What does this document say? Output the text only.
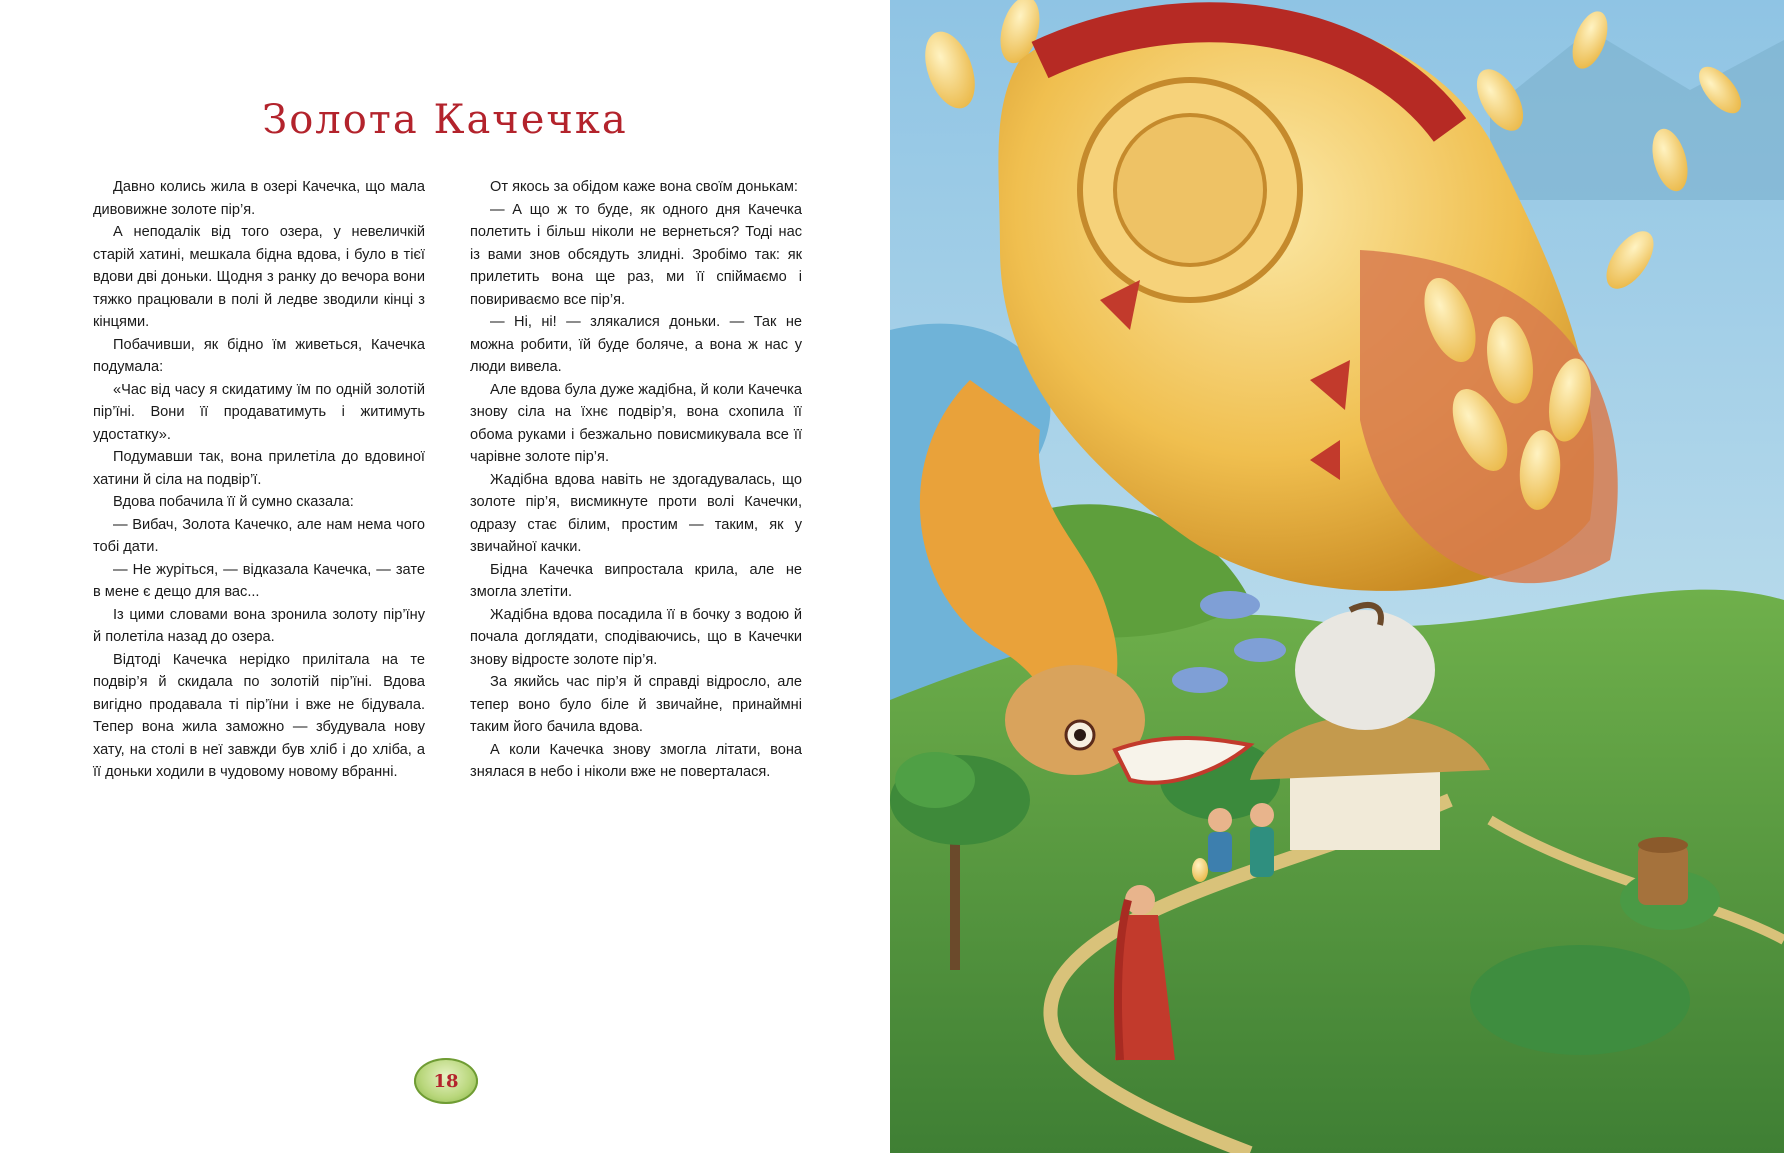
Золота Качечка

Давно колись жила в озері Качечка, що мала дивовижне золоте пір’я.

А неподалік від того озера, у невеличкій старій хатині, мешкала бідна вдова, і було в тієї вдови дві доньки. Щодня з ранку до вечора вони тяжко працювали в полі й ледве зводили кінці з кінцями.

Побачивши, як бідно їм живеться, Качечка подумала:

«Час від часу я скидатиму їм по одній золотій пір’їні. Вони її продаватимуть і житимуть удостатку».

Подумавши так, вона прилетіла до вдовиної хатини й сіла на подвір’ї.

Вдова побачила її й сумно сказала:

— Вибач, Золота Качечко, але нам нема чого тобі дати.

— Не журіться, — відказала Качечка, — зате в мене є дещо для вас...

Із цими словами вона зронила золоту пір’їну й полетіла назад до озера.

Відтоді Качечка нерідко прилітала на те подвір’я й скидала по золотій пір’їні. Вдова вигідно продавала ті пір’їни і вже не бідувала. Тепер вона жила заможно — збудувала нову хату, на столі в неї завжди був хліб і до хліба, а її доньки ходили в чудовому новому вбранні.

От якось за обідом каже вона своїм донькам:

— А що ж то буде, як одного дня Качечка полетить і більш ніколи не вернеться? Тоді нас із вами знов обсядуть злидні. Зробімо так: як прилетить вона ще раз, ми її спіймаємо і повириваємо все пір’я.

— Ні, ні! — злякалися доньки. — Так не можна робити, їй буде боляче, а вона ж нас у люди вивела.

Але вдова була дуже жадібна, й коли Качечка знову сіла на їхнє подвір’я, вона схопила її обома руками і безжально повисмикувала все її чарівне золоте пір’я.

Жадібна вдова навіть не здогадувалась, що золоте пір’я, висмикнуте проти волі Качечки, одразу стає білим, простим — таким, як у звичайної качки.

Бідна Качечка випростала крила, але не змогла злетіти.

Жадібна вдова посадила її в бочку з водою й почала доглядати, сподіваючись, що в Качечки знову відросте золоте пір’я.

За якийсь час пір’я й справді відросло, але тепер воно було біле й звичайне, принаймні таким його бачила вдова.

А коли Качечка знову змогла літати, вона знялася в небо і ніколи вже не поверталася.

18
